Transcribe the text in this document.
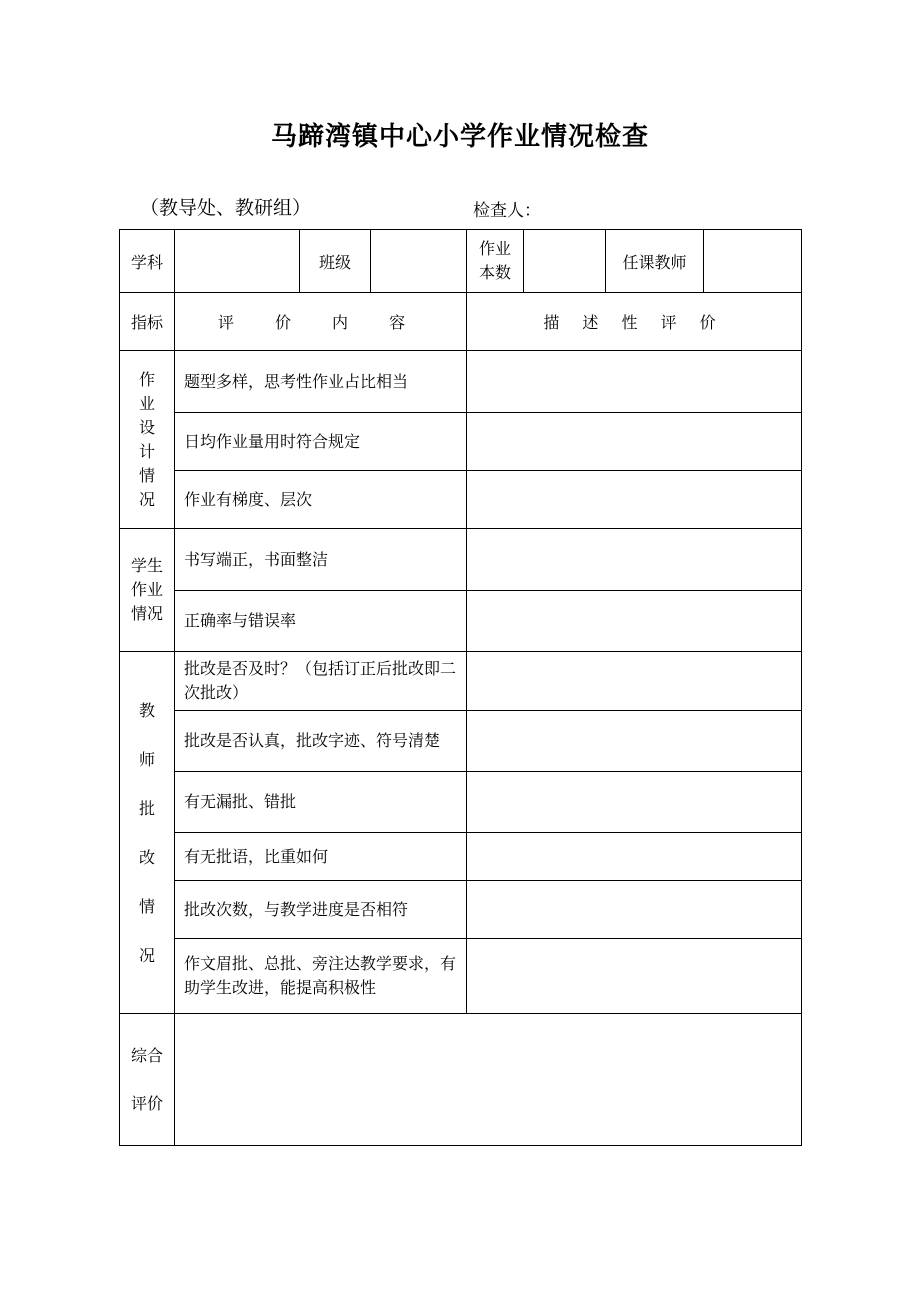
马蹄湾镇中心小学作业情况检查
（教导处、教研组）	检查人：
学科		班级		作业本数		任课教师	
指标	评 价 内 容			描 述 性 评 价			
作业设计情况	题型多样，思考性作业占比相当						
	日均作业量用时符合规定						
	作业有梯度、层次						
学生作业情况	书写端正，书面整洁						
	正确率与错误率						
教师批改情况	批改是否及时？（包括订正后批改即二次批改）						
	批改是否认真，批改字迹、符号清楚						
	有无漏批、错批						
	有无批语，比重如何						
	批改次数，与教学进度是否相符						
	作文眉批、总批、旁注达教学要求，有助学生改进，能提高积极性						

综合
评价							
